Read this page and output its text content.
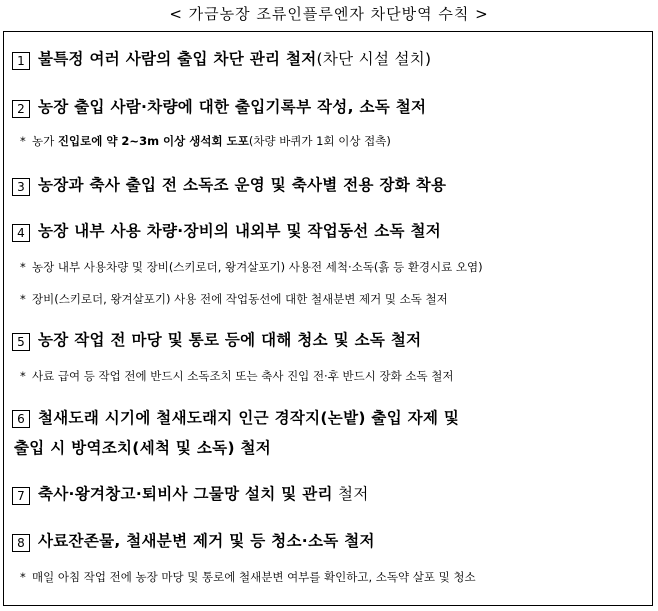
< 가금농장 조류인플루엔자 차단방역 수칙 >
1 불특정 여러 사람의 출입 차단 관리 철저(차단 시설 설치)
2 농장 출입 사람·차량에 대한 출입기록부 작성, 소독 철저
* 농가 진입로에 약 2~3m 이상 생석회 도포(차량 바퀴가 1회 이상 접촉)
3 농장과 축사 출입 전 소독조 운영 및 축사별 전용 장화 착용
4 농장 내부 사용 차량·장비의 내외부 및 작업동선 소독 철저
* 농장 내부 사용차량 및 장비(스키로더, 왕겨살포기) 사용전 세척·소독(흙 등 환경시료 오염)
* 장비(스키로더, 왕겨살포기) 사용 전에 작업동선에 대한 철새분변 제거 및 소독 철저
5 농장 작업 전 마당 및 통로 등에 대해 청소 및 소독 철저
* 사료 급여 등 작업 전에 반드시 소독조치 또는 축사 진입 전·후 반드시 장화 소독 철저
6 철새도래 시기에 철새도래지 인근 경작지(논밭) 출입 자제 및
출입 시 방역조치(세척 및 소독) 철저
7 축사·왕겨창고·퇴비사 그물망 설치 및 관리 철저
8 사료잔존물, 철새분변 제거 및 등 청소·소독 철저
* 매일 아침 작업 전에 농장 마당 및 통로에 철새분변 여부를 확인하고, 소독약 살포 및 청소
